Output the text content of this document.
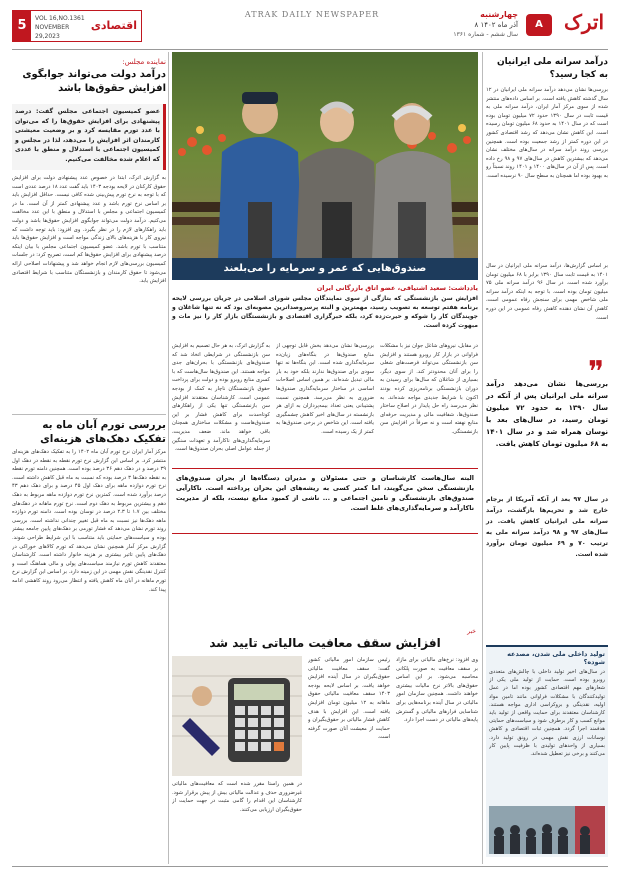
A	اترک
چهارشنبه
۸ آذر ماه ۱۴۰۲
سال ششم - شماره ۱۳۶۱
ATRAK DAILY NEWSPAPER
5	VOL 16,NO.1361
NOVEMBER 29,2023
اقتصادی
نماینده مجلس:
درآمد دولت می‌تواند جوابگوی افزایش حقوق‌ها باشد

عضو کمیسیون اجتماعی مجلس گفت: درصد پیشنهادی برای افزایش حقوق‌ها را که می‌توان با عدد تورم مقایسه کرد و بر وضعیت معیشتی کارمندان اثر افزایش را می‌دهد، لذا در مجلس و کمیسیون اجتماعی با استدلال و منطق با عددی که اعلام شده مخالفت می‌کنیم.

به گزارش اترک، ابتدا در خصوص عدد پیشنهادی دولت برای افزایش حقوق کارکنان در لایحه بودجه ۱۴۰۳ باید گفت عدد ۱۸ درصد عددی است که با توجه به نرخ تورم پیش‌بینی شده کافی نیست. حداقل افزایش باید بر اساس نرخ تورم باشد و عدد پیشنهادی کمتر از آن است. ما در کمیسیون اجتماعی و مجلس با استدلال و منطق با این عدد مخالفت می‌کنیم. درآمد دولت می‌تواند جوابگوی افزایش حقوق‌ها باشد و دولت باید راهکارهای لازم را در نظر بگیرد. وی افزود: باید توجه داشت که نیروی کار با هزینه‌های بالای زندگی مواجه است و افزایش حقوق‌ها باید متناسب با تورم باشد. عضو کمیسیون اجتماعی مجلس با بیان اینکه درصد پیشنهادی برای افزایش حقوق‌ها کم است، تصریح کرد: در جلسات کمیسیون بررسی‌های لازم انجام خواهد شد و پیشنهادات اصلاحی ارائه می‌شود تا حقوق کارمندان و بازنشستگان متناسب با شرایط اقتصادی افزایش یابد.
بررسی تورم آبان ماه به تفکیک دهک‌های هزینه‌ای
مرکز آمار ایران نرخ تورم آبان ماه ۱۴۰۲ را به تفکیک دهک‌های هزینه‌ای منتشر کرد. بر اساس این گزارش نرخ تورم نقطه به نقطه در دهک اول ۳۹ درصد و در دهک دهم ۳۶ درصد بوده است. همچنین دامنه تورم نقطه به نقطه دهک‌ها ۳ درصد بوده که نسبت به ماه قبل کاهش داشته است. نرخ تورم دوازده ماهه برای دهک اول ۴۵ درصد و برای دهک دهم ۴۳ درصد برآورد شده است. کمترین نرخ تورم دوازده ماهه مربوط به دهک دهم و بیشترین مربوط به دهک دوم است. نرخ تورم ماهانه در دهک‌های مختلف بین ۱.۷ تا ۲.۳ درصد در نوسان بوده است. دامنه تورم دوازده ماهه دهک‌ها نیز نسبت به ماه قبل تغییر چندانی نداشته است. بررسی روند تورم نشان می‌دهد که فشار تورمی بر دهک‌های پایین جامعه بیشتر بوده و سیاست‌های حمایتی باید متناسب با این شرایط طراحی شوند. گزارش مرکز آمار همچنین نشان می‌دهد که تورم کالاهای خوراکی در دهک‌های پایین تاثیر بیشتری بر هزینه خانوار داشته است. کارشناسان معتقدند کاهش تورم نیازمند سیاست‌های پولی و مالی هماهنگ است و کنترل نقدینگی نقش مهمی در این زمینه دارد. بر اساس این گزارش نرخ تورم ماهانه در آبان ماه کاهش یافته و انتظار می‌رود روند کاهشی ادامه پیدا کند.
صندوق‌هایی که عمر و سرمایه را می‌بلعند
یادداشت: سعید اشتیاقی، عضو اتاق بازرگانی ایران
افزایش سن بازنشستگی که بتازگی از سوی نمایندگان مجلس شورای اسلامی در جریان بررسی لایحه برنامه هفتم توسعه به تصویب رسید، مهمترین و البته پرسروصداترین مصوبه‌ای بود که نه تنها شاغلان و جویندگان کار را شوکه و حیرت‌زده کرد، بلکه خبرگزاری اقتصادی و بازنشستگان بازار کار را نیز مات و مبهوت کرده است.
به گزارش اترک، به هر حال تصمیم به افزایش سن بازنشستگی در شرایطی اتخاذ شد که صندوق‌های بازنشستگی با بحران‌های جدی مواجه هستند. این صندوق‌ها سال‌هاست که با کسری منابع روبرو بوده و دولت برای پرداخت حقوق بازنشستگان ناچار به کمک از بودجه عمومی است. کارشناسان معتقدند افزایش سن بازنشستگی تنها یکی از راهکارهای کوتاه‌مدت برای کاهش فشار بر این صندوق‌هاست و مشکلات ساختاری همچنان باقی خواهد ماند. ضعف مدیریت، سرمایه‌گذاری‌های ناکارآمد و تعهدات سنگین از جمله عوامل اصلی بحران صندوق‌ها است.
بررسی‌ها نشان می‌دهد بخش قابل توجهی از منابع صندوق‌ها در بنگاه‌های زیان‌ده سرمایه‌گذاری شده است. این بنگاه‌ها نه تنها سودی برای صندوق‌ها ندارند بلکه خود به بار مالی تبدیل شده‌اند. بر همین اساس اصلاحات اساسی در ساختار سرمایه‌گذاری صندوق‌ها ضروری به نظر می‌رسد. همچنین نسبت پشتیبانی یعنی تعداد بیمه‌پردازان به ازای هر بازنشسته در سال‌های اخیر کاهش چشمگیری یافته است. این شاخص در برخی صندوق‌ها به کمتر از یک رسیده است.
در مقابل، نیروهای شاغل جوان نیز با مشکلات فراوانی در بازار کار روبرو هستند و افزایش سن بازنشستگی می‌تواند فرصت‌های شغلی را برای آنان محدودتر کند. از سوی دیگر، بسیاری از شاغلان که سال‌ها برای رسیدن به دوران بازنشستگی برنامه‌ریزی کرده بودند اکنون با شرایط جدیدی مواجه شده‌اند. به نظر می‌رسد راه حل پایدار در اصلاح ساختار صندوق‌ها، شفافیت مالی و مدیریت حرفه‌ای منابع نهفته است و نه صرفاً در افزایش سن بازنشستگی.

البته سال‌هاست کارشناسان و حتی مسئولان و مدیران دستگاه‌ها از بحران صندوق‌های بازنشستگی سخن می‌گویند، اما کمتر کسی به ریشه‌های این بحران پرداخته است. ناکارآیی صندوق‌های بازنشستگی و تامین اجتماعی و ... ناشی از کمبود منابع نیست، بلکه از مدیریت ناکارآمد و سرمایه‌گذاری‌های غلط است.

خبر
افزایش سقف معافیت مالیاتی تایید شد
رئیس سازمان امور مالیاتی کشور گفت: سقف معافیت مالیاتی حقوق‌بگیران در سال آینده افزایش خواهد یافت. بر اساس لایحه بودجه ۱۴۰۳ سقف معافیت مالیاتی حقوق ماهانه به ۱۲ میلیون تومان افزایش یافته است. این افزایش با هدف کاهش فشار مالیاتی بر حقوق‌بگیران و حمایت از معیشت آنان صورت گرفته است.
وی افزود: نرخ‌های مالیاتی برای مازاد بر سقف معافیت به صورت پلکانی محاسبه می‌شود. بر این اساس حقوق‌های بالاتر نرخ مالیات بیشتری خواهند داشت. همچنین سازمان امور مالیاتی در سال آینده برنامه‌هایی برای شناسایی فرارهای مالیاتی و گسترش پایه‌های مالیاتی در دست اجرا دارد.
در همین راستا مقرر شده است که معافیت‌های مالیاتی غیرضروری حذف و عدالت مالیاتی بیش از پیش برقرار شود. کارشناسان این اقدام را گامی مثبت در جهت حمایت از حقوق‌بگیران ارزیابی می‌کنند.
درآمد سرانه ملی ایرانیان به کجا رسید؟
بررسی‌ها نشان می‌دهد درآمد سرانه ملی ایرانیان در ۱۲ سال گذشته کاهش یافته است. بر اساس داده‌های منتشر شده از سوی مرکز آمار ایران، درآمد سرانه ملی به قیمت ثابت در سال ۱۳۹۰ حدود ۷۲ میلیون تومان بوده است که در سال ۱۴۰۱ به حدود ۶۸ میلیون تومان رسیده است. این کاهش نشان می‌دهد که رشد اقتصادی کشور در این دوره کمتر از رشد جمعیت بوده است. همچنین بررسی روند درآمد سرانه در سال‌های مختلف نشان می‌دهد که بیشترین کاهش در سال‌های ۹۷ و ۹۸ رخ داده است. پس از آن در سال‌های ۱۴۰۰ و ۱۴۰۱ روند نسبتاً رو به بهبود بوده اما همچنان به سطح سال ۹۰ نرسیده است.
بر اساس گزارش‌ها، درآمد سرانه ملی ایرانیان در سال ۱۴۰۱ به قیمت ثابت سال ۱۳۹۰ برابر با ۶۸ میلیون تومان برآورد شده است. در سال ۹۶ درآمد سرانه ملی ۷۵ میلیون تومان بوده است. با توجه به اینکه درآمد سرانه ملی شاخص مهمی برای سنجش رفاه عمومی است، کاهش آن نشان دهنده کاهش رفاه عمومی در این دوره است.
❞
بررسی‌ها نشان می‌دهد درآمد سرانه ملی ایرانیان پس از آنکه در سال ۱۳۹۰ به حدود ۷۲ میلیون تومان رسید، در سال‌های بعد با نوسان همراه شد و در سال ۱۴۰۱ به ۶۸ میلیون تومان کاهش یافت.
در سال ۹۷ بعد از آنکه آمریکا از برجام خارج شد و تحریم‌ها بازگشت، درآمد سرانه ملی ایرانیان کاهش یافت. در سال‌های ۹۷ و ۹۸ درآمد سرانه ملی به ترتیب ۷۰ و ۶۹ میلیون تومان برآورد شده است.
تولید داخلی ملی شدن، مصدعه شوده؟
در سال‌های اخیر تولید داخلی با چالش‌های متعددی روبرو بوده است. حمایت از تولید ملی یکی از شعارهای مهم اقتصادی کشور بوده اما در عمل تولیدکنندگان با مشکلات فراوانی مانند تامین مواد اولیه، نقدینگی و بروکراسی اداری مواجه هستند. کارشناسان معتقدند برای حمایت واقعی از تولید باید موانع کسب و کار برطرف شود و سیاست‌های حمایتی هدفمند اجرا گردد. همچنین ثبات اقتصادی و کاهش نوسانات ارزی نقش مهمی در رونق تولید دارد. بسیاری از واحدهای تولیدی با ظرفیت پایین کار می‌کنند و برخی نیز تعطیل شده‌اند.
